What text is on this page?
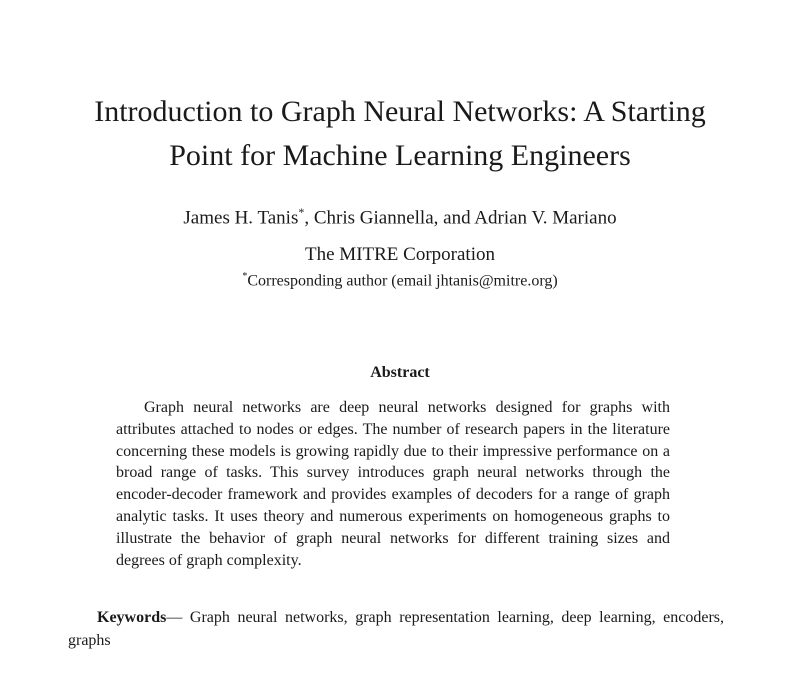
Introduction to Graph Neural Networks: A Starting
Point for Machine Learning Engineers
James H. Tanis*, Chris Giannella, and Adrian V. Mariano
The MITRE Corporation
*Corresponding author (email jhtanis@mitre.org)
Abstract

Graph neural networks are deep neural networks designed for graphs with attributes attached to nodes or edges. The number of research papers in the literature concerning these models is growing rapidly due to their impressive performance on a broad range of tasks. This survey introduces graph neural networks through the encoder-decoder framework and provides examples of decoders for a range of graph analytic tasks. It uses theory and numerous experiments on homogeneous graphs to illustrate the behavior of graph neural networks for different training sizes and degrees of graph complexity.

Keywords— Graph neural networks, graph representation learning, deep learning, encoders, graphs
